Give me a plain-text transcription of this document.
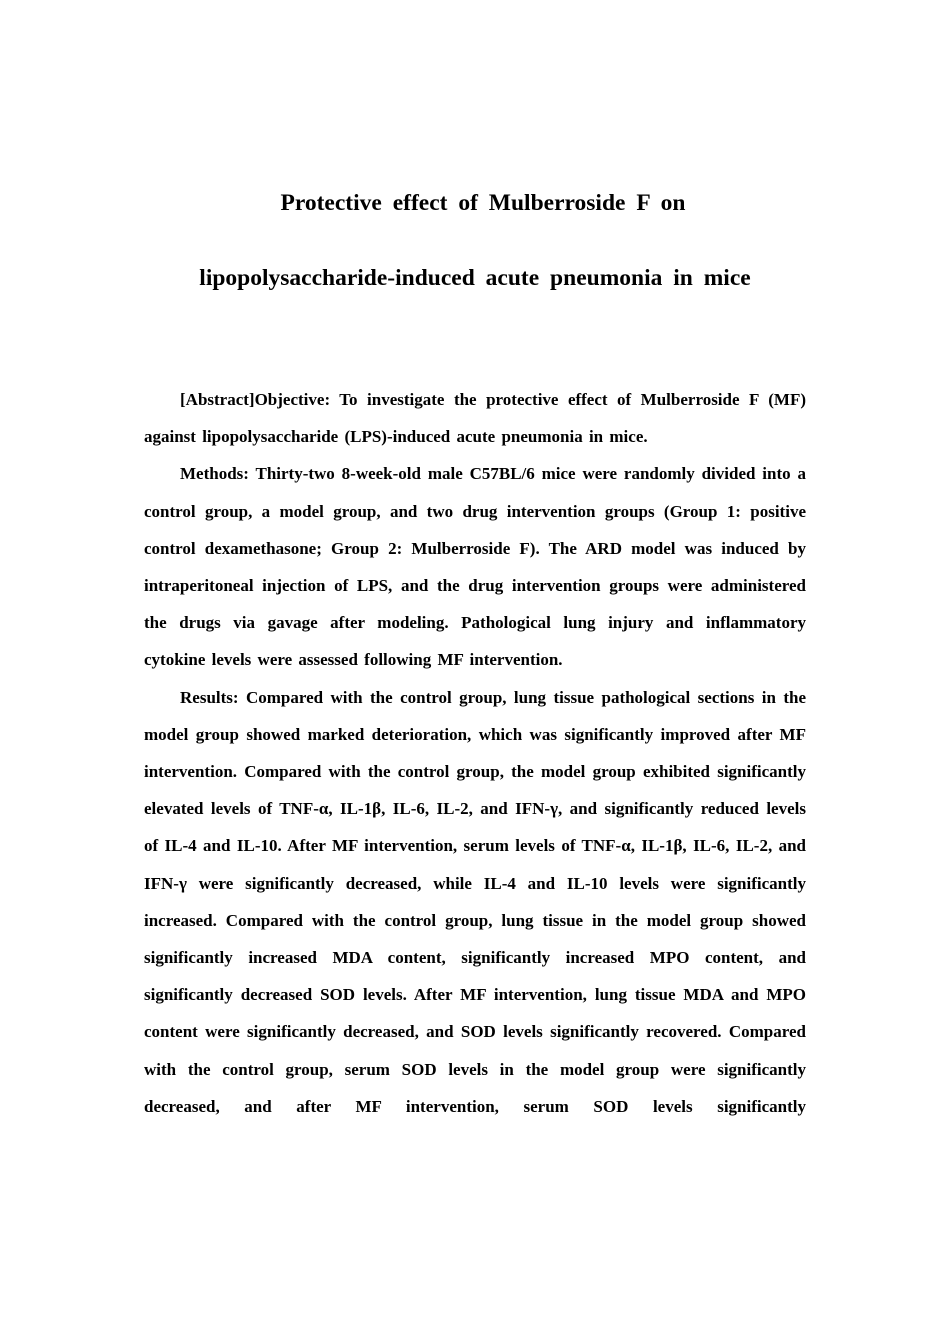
Protective effect of Mulberroside F on
lipopolysaccharide-induced acute pneumonia in mice

[Abstract]Objective: To investigate the protective effect of Mulberroside F (MF) against lipopolysaccharide (LPS)-induced acute pneumonia in mice.

Methods: Thirty-two 8-week-old male C57BL/6 mice were randomly divided into a control group, a model group, and two drug intervention groups (Group 1: positive control dexamethasone; Group 2: Mulberroside F). The ARD model was induced by intraperitoneal injection of LPS, and the drug intervention groups were administered the drugs via gavage after modeling. Pathological lung injury and inflammatory cytokine levels were assessed following MF intervention.

Results: Compared with the control group, lung tissue pathological sections in the model group showed marked deterioration, which was significantly improved after MF intervention. Compared with the control group, the model group exhibited significantly elevated levels of TNF-α, IL-1β, IL-6, IL-2, and IFN-γ, and significantly reduced levels of IL-4 and IL-10. After MF intervention, serum levels of TNF-α, IL-1β, IL-6, IL-2, and IFN-γ were significantly decreased, while IL-4 and IL-10 levels were significantly increased. Compared with the control group, lung tissue in the model group showed significantly increased MDA content, significantly increased MPO content, and significantly decreased SOD levels. After MF intervention, lung tissue MDA and MPO content were significantly decreased, and SOD levels significantly recovered. Compared with the control group, serum SOD levels in the model group were significantly decreased, and after MF intervention, serum SOD levels significantly
